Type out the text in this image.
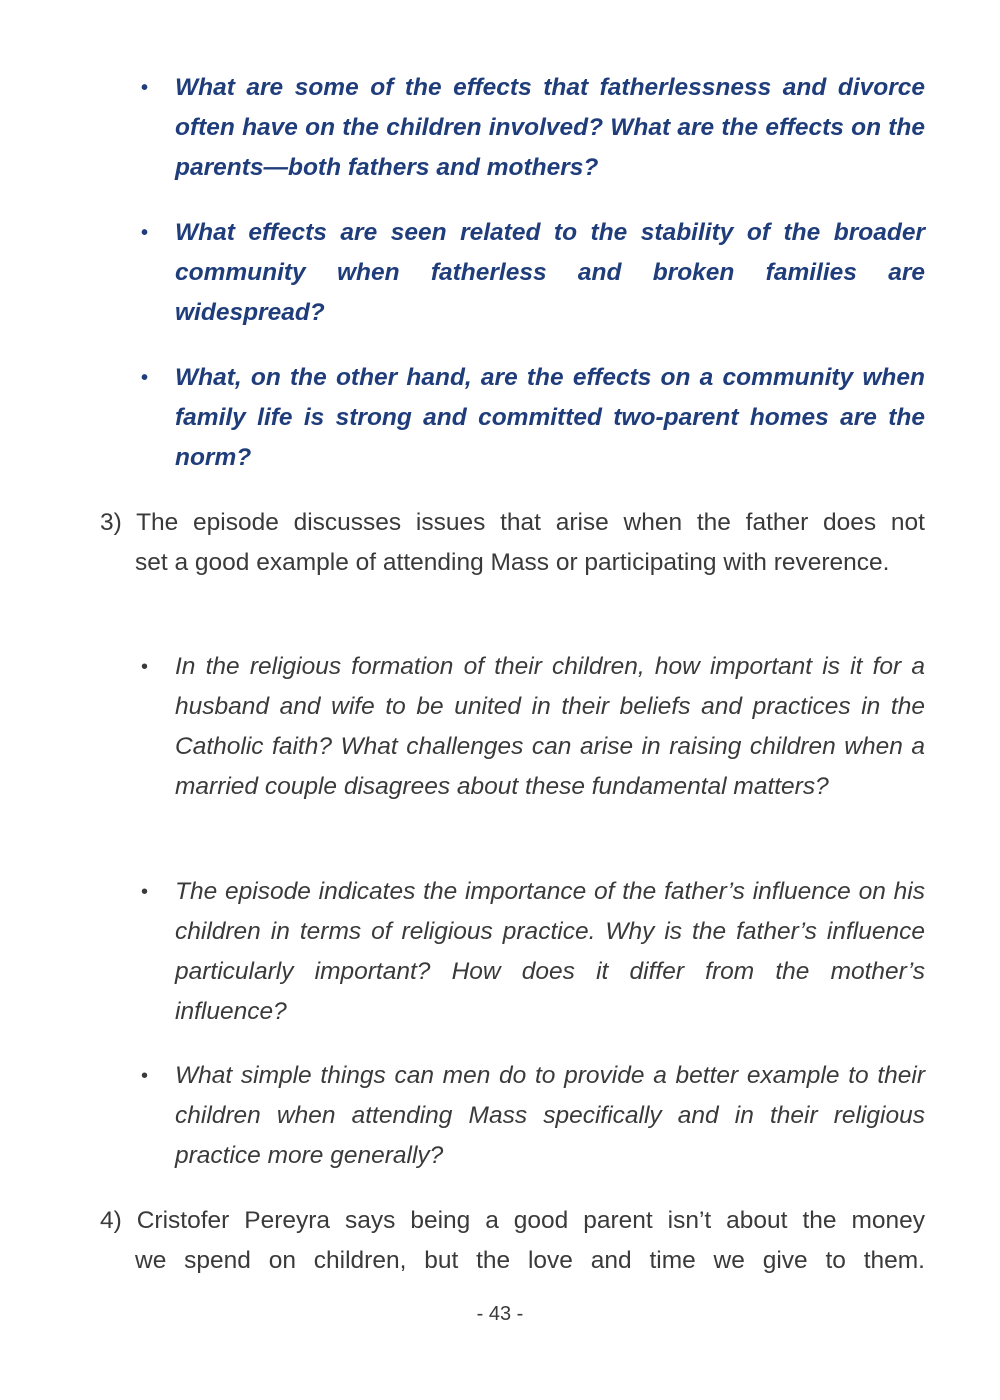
• What are some of the effects that fatherlessness and divorce often have on the children involved? What are the effects on the parents—both fathers and mothers?
• What effects are seen related to the stability of the broader community when fatherless and broken families are widespread?
• What, on the other hand, are the effects on a community when family life is strong and committed two-parent homes are the norm?
3) The episode discusses issues that arise when the father does not
set a good example of attending Mass or participating with reverence.
• In the religious formation of their children, how important is it for a husband and wife to be united in their beliefs and practices in the Catholic faith? What challenges can arise in raising children when a married couple disagrees about these fundamental matters?
• The episode indicates the importance of the father’s influence on his children in terms of religious practice. Why is the father’s influence particularly important? How does it differ from the mother’s influence?
• What simple things can men do to provide a better example to their children when attending Mass specifically and in their religious practice more generally?
4) Cristofer Pereyra says being a good parent isn’t about the money
we spend on children, but the love and time we give to them.
- 43 -
